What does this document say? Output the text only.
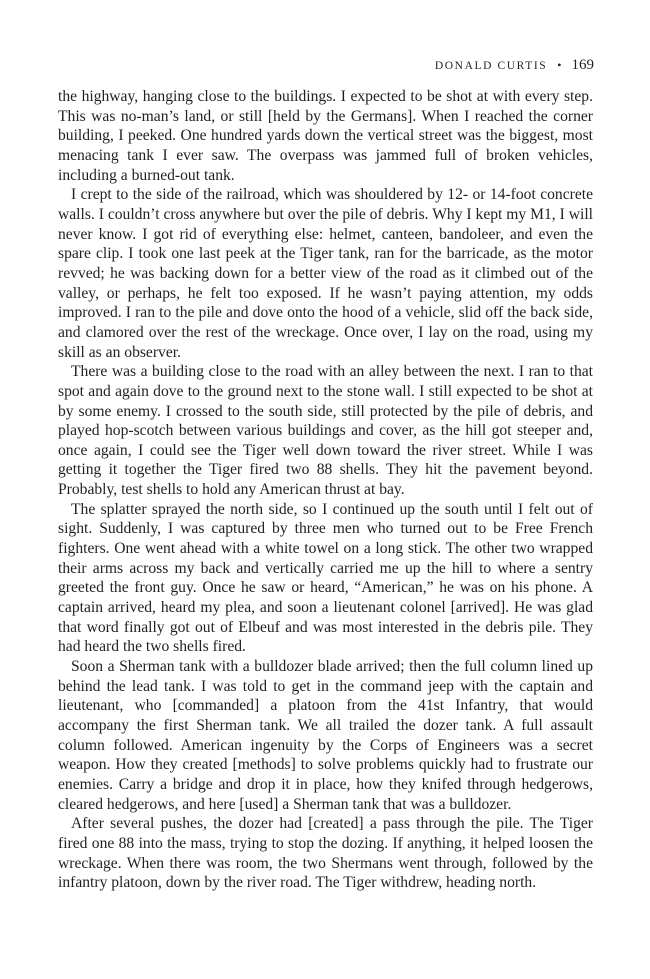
DONALD CURTIS • 169

the highway, hanging close to the buildings. I expected to be shot at with every step. This was no-man’s land, or still [held by the Germans]. When I reached the corner building, I peeked. One hundred yards down the vertical street was the biggest, most menacing tank I ever saw. The overpass was jammed full of broken vehicles, including a burned-out tank.

I crept to the side of the railroad, which was shouldered by 12- or 14-foot concrete walls. I couldn’t cross anywhere but over the pile of debris. Why I kept my M1, I will never know. I got rid of everything else: helmet, canteen, bandoleer, and even the spare clip. I took one last peek at the Tiger tank, ran for the barricade, as the motor revved; he was backing down for a better view of the road as it climbed out of the valley, or perhaps, he felt too exposed. If he wasn’t paying attention, my odds improved. I ran to the pile and dove onto the hood of a vehicle, slid off the back side, and clamored over the rest of the wreckage. Once over, I lay on the road, using my skill as an observer.

There was a building close to the road with an alley between the next. I ran to that spot and again dove to the ground next to the stone wall. I still expected to be shot at by some enemy. I crossed to the south side, still protected by the pile of debris, and played hop-scotch between various buildings and cover, as the hill got steeper and, once again, I could see the Tiger well down toward the river street. While I was getting it together the Tiger fired two 88 shells. They hit the pavement beyond. Probably, test shells to hold any American thrust at bay.

The splatter sprayed the north side, so I continued up the south until I felt out of sight. Suddenly, I was captured by three men who turned out to be Free French fighters. One went ahead with a white towel on a long stick. The other two wrapped their arms across my back and vertically carried me up the hill to where a sentry greeted the front guy. Once he saw or heard, “American,” he was on his phone. A captain arrived, heard my plea, and soon a lieutenant colonel [arrived]. He was glad that word finally got out of Elbeuf and was most interested in the debris pile. They had heard the two shells fired.

Soon a Sherman tank with a bulldozer blade arrived; then the full column lined up behind the lead tank. I was told to get in the command jeep with the captain and lieutenant, who [commanded] a platoon from the 41st Infantry, that would accompany the first Sherman tank. We all trailed the dozer tank. A full assault column followed. American ingenuity by the Corps of Engineers was a secret weapon. How they created [methods] to solve problems quickly had to frustrate our enemies. Carry a bridge and drop it in place, how they knifed through hedgerows, cleared hedgerows, and here [used] a Sherman tank that was a bulldozer.

After several pushes, the dozer had [created] a pass through the pile. The Tiger fired one 88 into the mass, trying to stop the dozing. If anything, it helped loosen the wreckage. When there was room, the two Shermans went through, followed by the infantry platoon, down by the river road. The Tiger withdrew, heading north.
